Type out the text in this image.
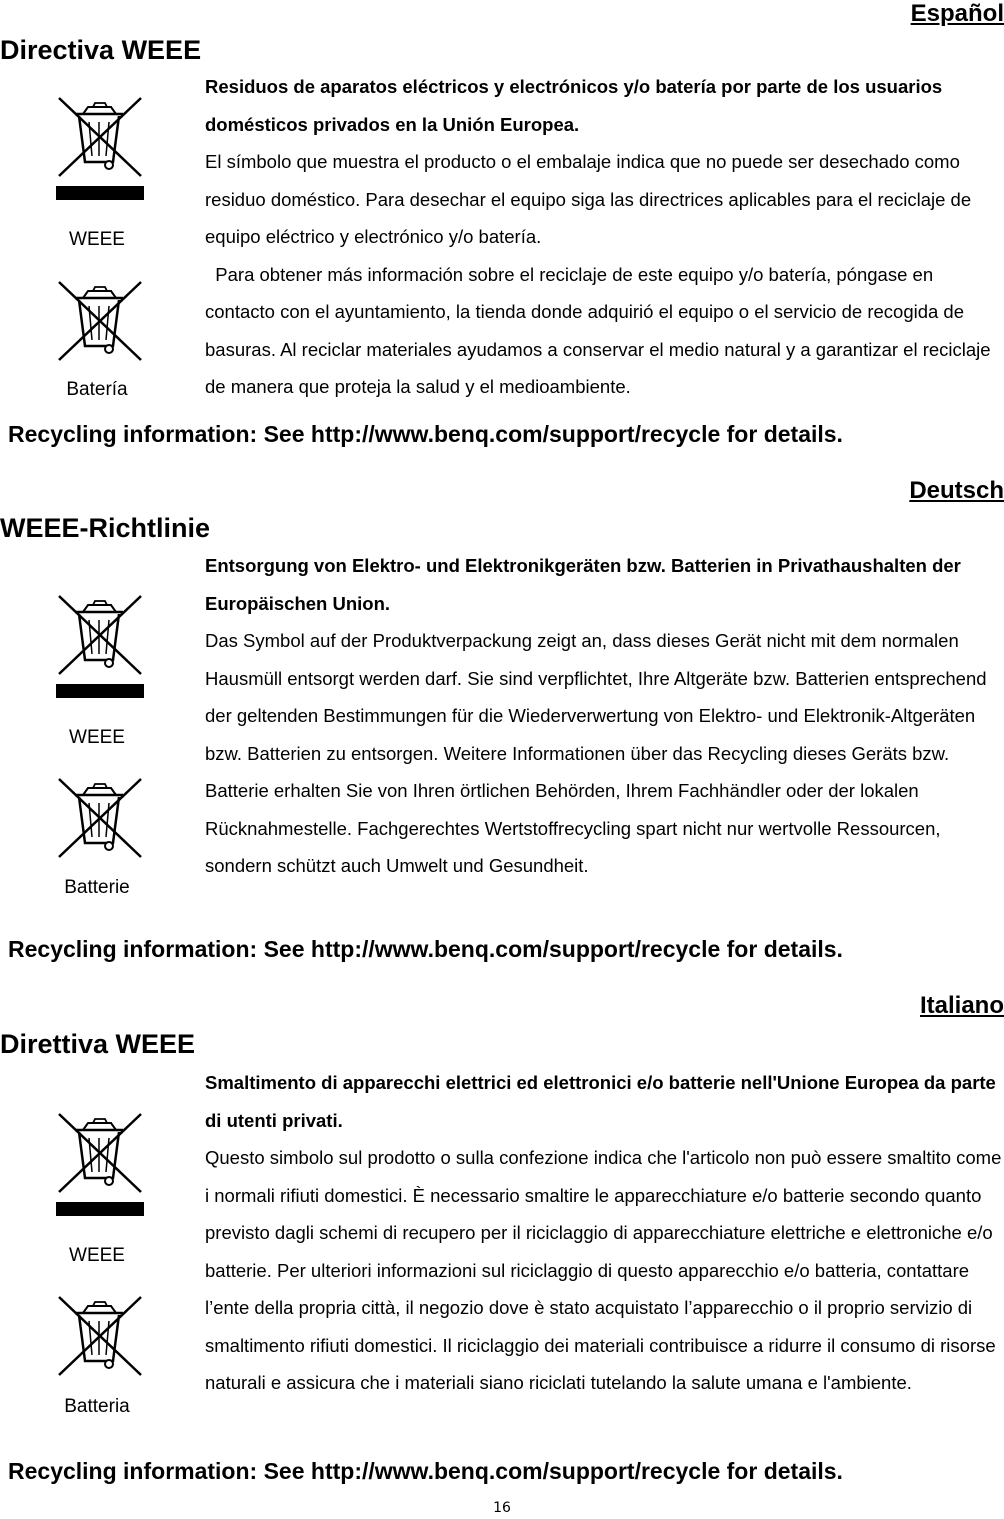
Español
Directiva WEEE
WEEE
Batería

Residuos de aparatos eléctricos y electrónicos y/o batería por parte de los usuarios domésticos privados en la Unión Europea.
El símbolo que muestra el producto o el embalaje indica que no puede ser desechado como residuo doméstico. Para desechar el equipo siga las directrices aplicables para el reciclaje de equipo eléctrico y electrónico y/o batería.
Para obtener más información sobre el reciclaje de este equipo y/o batería, póngase en contacto con el ayuntamiento, la tienda donde adquirió el equipo o el servicio de recogida de basuras. Al reciclar materiales ayudamos a conservar el medio natural y a garantizar el reciclaje de manera que proteja la salud y el medioambiente.

Recycling information: See http://www.benq.com/support/recycle for details.
Deutsch
WEEE-Richtlinie
WEEE
Batterie

Entsorgung von Elektro- und Elektronikgeräten bzw. Batterien in Privathaushalten der Europäischen Union.
Das Symbol auf der Produktverpackung zeigt an, dass dieses Gerät nicht mit dem normalen Hausmüll entsorgt werden darf. Sie sind verpflichtet, Ihre Altgeräte bzw. Batterien entsprechend der geltenden Bestimmungen für die Wiederverwertung von Elektro- und Elektronik-Altgeräten bzw. Batterien zu entsorgen. Weitere Informationen über das Recycling dieses Geräts bzw. Batterie erhalten Sie von Ihren örtlichen Behörden, Ihrem Fachhändler oder der lokalen Rücknahmestelle. Fachgerechtes Wertstoffrecycling spart nicht nur wertvolle Ressourcen, sondern schützt auch Umwelt und Gesundheit.

Recycling information: See http://www.benq.com/support/recycle for details.
Italiano
Direttiva WEEE
WEEE
Batteria

Smaltimento di apparecchi elettrici ed elettronici e/o batterie nell'Unione Europea da parte di utenti privati.
Questo simbolo sul prodotto o sulla confezione indica che l'articolo non può essere smaltito come i normali rifiuti domestici. È necessario smaltire le apparecchiature e/o batterie secondo quanto previsto dagli schemi di recupero per il riciclaggio di apparecchiature elettriche e elettroniche e/o batterie. Per ulteriori informazioni sul riciclaggio di questo apparecchio e/o batteria, contattare l’ente della propria città, il negozio dove è stato acquistato l’apparecchio o il proprio servizio di smaltimento rifiuti domestici. Il riciclaggio dei materiali contribuisce a ridurre il consumo di risorse naturali e assicura che i materiali siano riciclati tutelando la salute umana e l'ambiente.

Recycling information: See http://www.benq.com/support/recycle for details.
16
